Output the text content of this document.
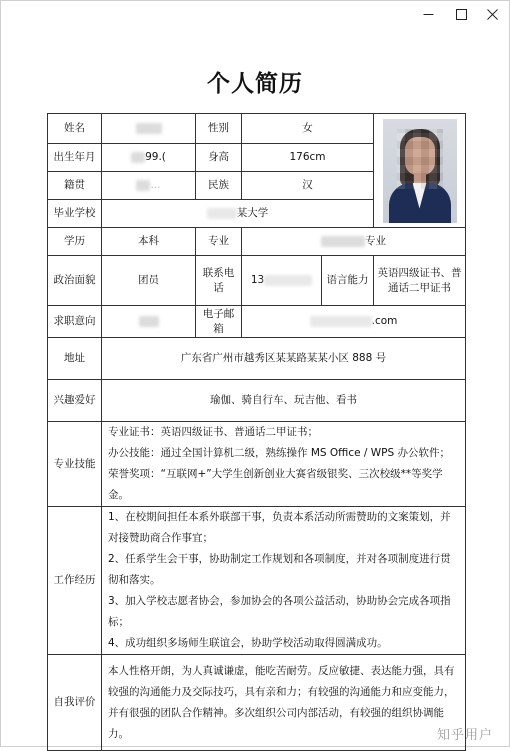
个人简历
姓名		性别	女		

出生年月	99.(	身高	176cm		
籍贯	...	民族	汉		
毕业学校	某大学				
学历	本科	专业	专业		
政治面貌	团员	联系电话	13	语言能力	英语四级证书、普通话二甲证书
求职意向		电子邮箱	.com		
地址	广东省广州市越秀区某某路某某小区 888 号				
兴趣爱好	瑜伽、骑自行车、玩吉他、看书				
专业技能	专业证书：英语四级证书、普通话二甲证书；

办公技能：通过全国计算机二级，熟练操作 MS Office / WPS 办公软件；

荣誉奖项：“互联网+”大学生创新创业大赛省级银奖、三次校级**等奖学金。				

工作经历	1、在校期间担任本系外联部干事，负责本系活动所需赞助的文案策划，并对接赞助商合作事宜；

2、任系学生会干事，协助制定工作规划和各项制度，并对各项制度进行贯彻和落实。

3、加入学校志愿者协会，参加协会的各项公益活动，协助协会完成各项指标；

4、成功组织多场师生联谊会，协助学校活动取得圆满成功。				

自我评价	本人性格开朗，为人真诚谦虚，能吃苦耐劳。反应敏捷、表达能力强，具有较强的沟通能力及交际技巧，具有亲和力；有较强的沟通能力和应变能力，并有很强的团队合作精神。多次组织公司内部活动，有较强的组织协调能力。					知乎用户
